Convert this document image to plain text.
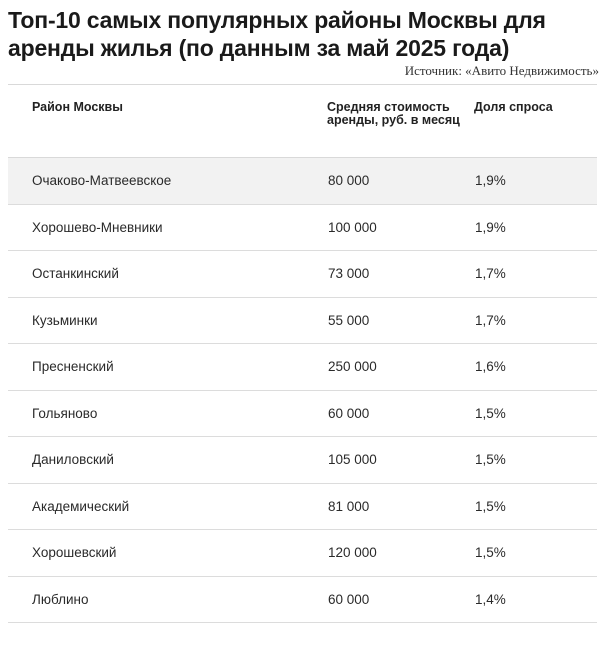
Топ-10 самых популярных районы Москвы для аренды жилья (по данным за май 2025 года)
Источник: «Авито Недвижимость»
Район Москвы	Средняя стоимость аренды, руб. в месяц	Доля спроса
Очаково-Матвеевское	80 000	1,9%
Хорошево-Мневники	100 000	1,9%
Останкинский	73 000	1,7%
Кузьминки	55 000	1,7%
Пресненский	250 000	1,6%
Гольяново	60 000	1,5%
Даниловский	105 000	1,5%
Академический	81 000	1,5%
Хорошевский	120 000	1,5%
Люблино	60 000	1,4%
